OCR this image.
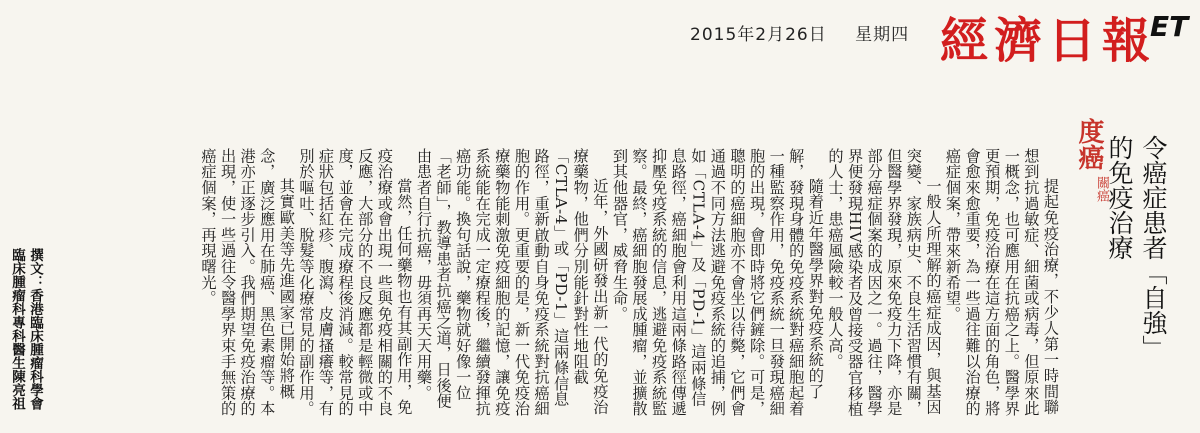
2015年2月26日 星期四 經濟日報
ET
度癌
關癌 令癌症患者「自強」
的免疫治療

提起免疫治療，不少人第一時間聯想到抗過敏症、細菌或病毒，但原來此一概念，也可應用在抗癌之上。醫學界更預期，免疫治療在這方面的角色，將會愈來愈重要，為一些過往難以治療的癌症個案，帶來新希望。

一般人所理解的癌症成因，與基因突變、家族病史、不良生活習慣有關，但醫學界發現，原來免疫力下降，亦是部分癌症個案的成因之一。過往，醫學界便發現HIV感染者及曾接受器官移植的人士，患癌風險較一般人高。

隨着近年醫學界對免疫系統的了解，發現身體的免疫系統對癌細胞起着一種監察作用，免疫系統一旦發現癌細胞的出現，會即時將它們鏟除。可是，聰明的癌細胞亦不會坐以待斃，它們會通過不同方法逃避免疫系統的追捕，例如「CTLA-4」及「PD-1」這兩條信息路徑，癌細胞會利用這兩條路徑傳遞抑壓免疫系統的信息，逃避免疫系統監察。最終，癌細胞發展成腫瘤，並擴散到其他器官，威脅生命。

近年，外國研發出新一代的免疫治療藥物，他們分別能針對性地阻截「CTLA-4」或「PD-1」這兩條信息路徑，重新啟動自身免疫系統對抗癌細胞的作用。更重要的是，新一代免疫治療藥物能刺激免疫細胞的記憶，讓免疫系統能在完成一定療程後，繼續發揮抗癌功能。換句話說，藥物就好像一位「老師」，教導患者抗癌之道，日後便由患者自行抗癌，毋須再天天用藥。

當然，任何藥物也有其副作用，免疫治療或會出現一些與免疫相關的不良反應，大部分的不良反應都是輕微或中度，並會在完成療程後消減。較常見的症狀包括紅疹、腹瀉、皮膚搔癢等，有別於嘔吐、脫髮等化療常見的副作用。

其實歐美等先進國家已開始將概念，廣泛應用在肺癌、黑色素瘤等。本港亦正逐步引入。我們期望免疫治療的出現，使一些過往令醫學界束手無策的癌症個案，再現曙光。

撰文：香港臨床腫瘤科學會
臨床腫瘤科專科醫生陳亮祖
